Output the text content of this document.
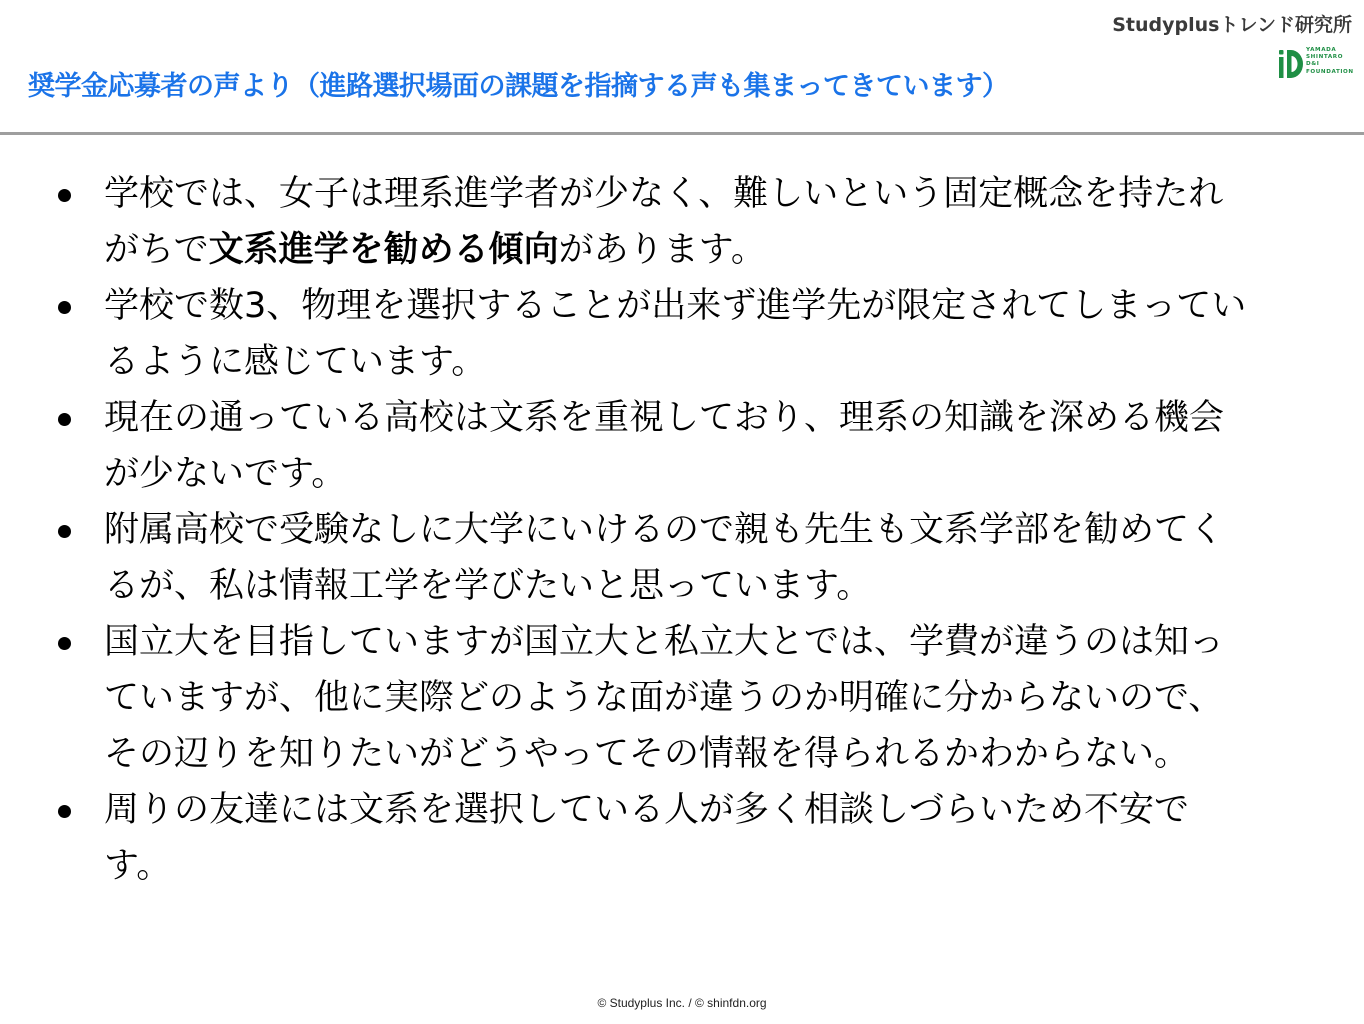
奨学金応募者の声より（進路選択場面の課題を指摘する声も集まってきています）
Studyplusトレンド研究所
YAMADA
SHINTARO
D&I
FOUNDATION
学校では、女子は理系進学者が少なく、難しいという固定概念を持たれがちで文系進学を勧める傾向があります。
学校で数3、物理を選択することが出来ず進学先が限定されてしまっているように感じています。
現在の通っている高校は文系を重視しており、理系の知識を深める機会が少ないです。
附属高校で受験なしに大学にいけるので親も先生も文系学部を勧めてくるが、私は情報工学を学びたいと思っています。
国立大を目指していますが国立大と私立大とでは、学費が違うのは知っていますが、他に実際どのような面が違うのか明確に分からないので、その辺りを知りたいがどうやってその情報を得られるかわからない。
周りの友達には文系を選択している人が多く相談しづらいため不安です。
© Studyplus Inc. / © shinfdn.org
